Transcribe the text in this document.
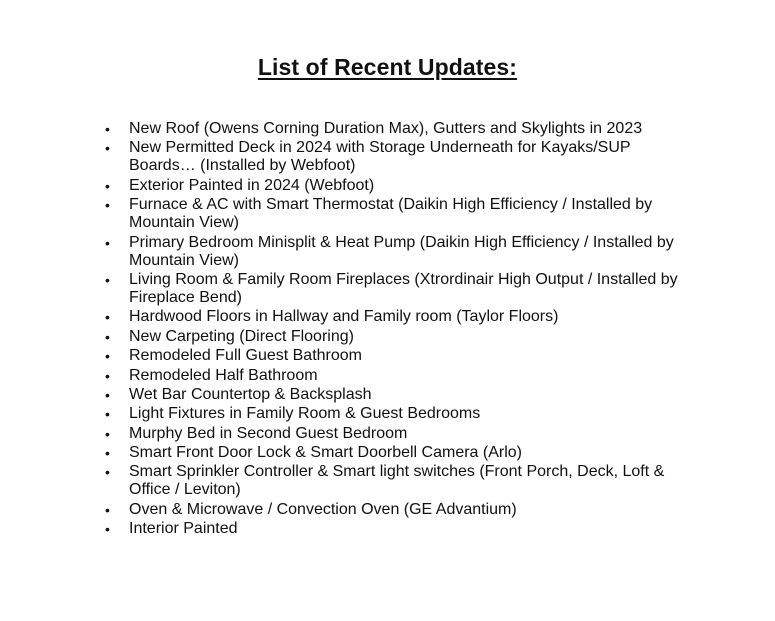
List of Recent Updates:
• New Roof (Owens Corning Duration Max), Gutters and Skylights in 2023
• New Permitted Deck in 2024 with Storage Underneath for Kayaks/SUP Boards… (Installed by Webfoot)
• Exterior Painted in 2024 (Webfoot)
• Furnace & AC with Smart Thermostat (Daikin High Efficiency / Installed by Mountain View)
• Primary Bedroom Minisplit & Heat Pump (Daikin High Efficiency / Installed by Mountain View)
• Living Room & Family Room Fireplaces (Xtrordinair High Output / Installed by Fireplace Bend)
• Hardwood Floors in Hallway and Family room (Taylor Floors)
• New Carpeting (Direct Flooring)
• Remodeled Full Guest Bathroom
• Remodeled Half Bathroom
• Wet Bar Countertop & Backsplash
• Light Fixtures in Family Room & Guest Bedrooms
• Murphy Bed in Second Guest Bedroom
• Smart Front Door Lock & Smart Doorbell Camera (Arlo)
• Smart Sprinkler Controller & Smart light switches (Front Porch, Deck, Loft & Office / Leviton)
• Oven & Microwave / Convection Oven (GE Advantium)
• Interior Painted
